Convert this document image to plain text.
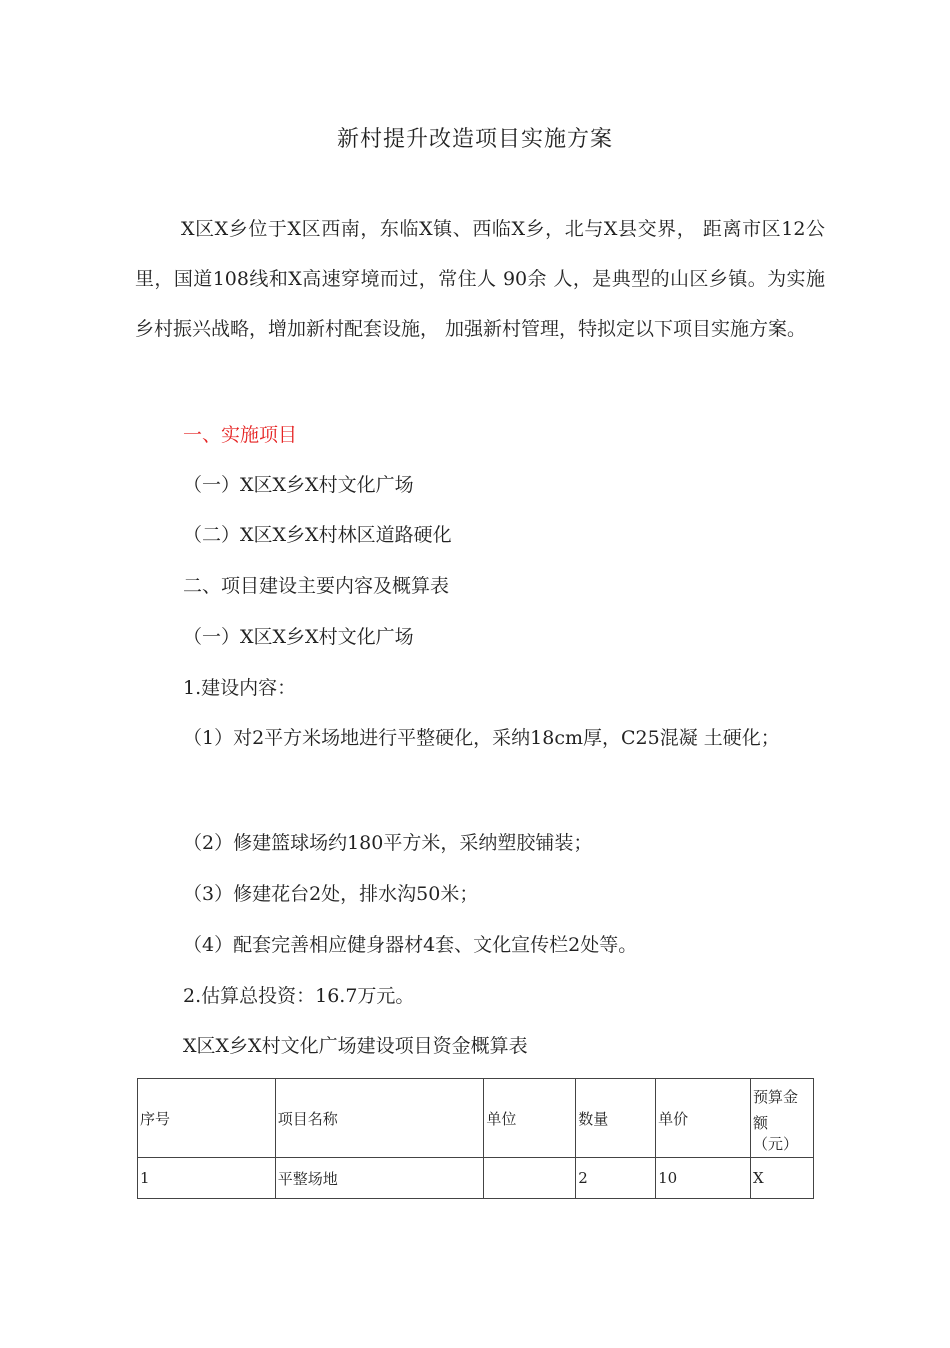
新村提升改造项目实施方案
X区X乡位于X区西南，东临X镇、西临X乡，北与X县交界， 距离市区12公里，国道108线和X高速穿境而过，常住人 90余 人，是典型的山区乡镇。为实施乡村振兴战略，增加新村配套设施， 加强新村管理，特拟定以下项目实施方案。
一、实施项目
（一）X区X乡X村文化广场
（二）X区X乡X村林区道路硬化
二、项目建设主要内容及概算表
（一）X区X乡X村文化广场
1.建设内容：
（1）对2平方米场地进行平整硬化，采纳18cm厚，C25混凝 土硬化；
（2）修建篮球场约180平方米，采纳塑胶铺装；
（3）修建花台2处，排水沟50米；
（4）配套完善相应健身器材4套、文化宣传栏2处等。
2.估算总投资：16.7万元。
X区X乡X村文化广场建设项目资金概算表
序号	项目名称	单位	数量	单价	预算金
额
（元）

1	平整场地		2	10	X
